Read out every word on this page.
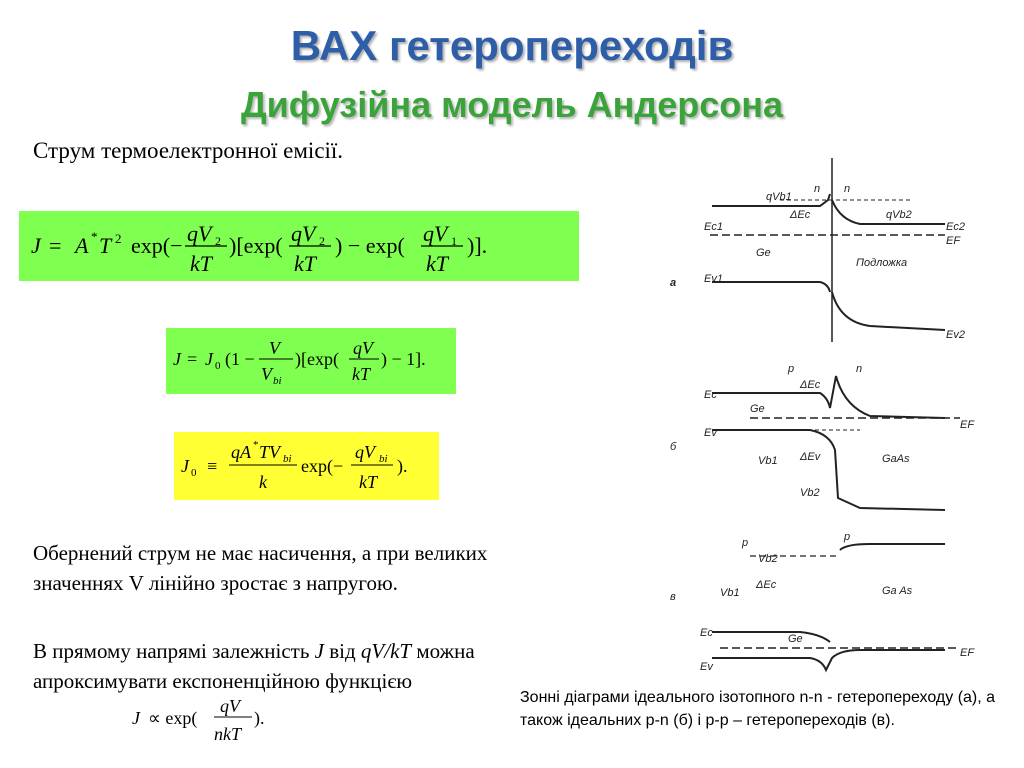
ВАХ гетеропереходів
Дифузійна модель Андерсона
Струм термоелектронної емісії.
J = A * T 2 exp(− qV 2
kT
)[exp( qV 2
kT
) − exp( qV 1
kT
)].
J = J 0 (1 −
V
V bi
)[exp(
qV
kT
) − 1].
J 0 ≡
qA * TV bi
k
exp(−
qV bi
kT
).
Обернений струм не має насичення, а при великих значеннях V лінійно зростає з напругою.
В прямому напрямі залежність J від qV/kT можна апроксимувати експоненційною функцією
J ∝ exp(
qV
nkT
).
a
б
в
n n
qVb1
ΔEc	qVb2
Ec1	Ec2
EF
Ge
Подложка
Ev1
Ev2
p	n
ΔEc
Ec
Ge
EF
Ev
Vb1 ΔEv	GaAs
Vb2
p	p
Vb2
ΔEc	Ga As
Vb1
Ec	Ge
EF
Ev
Зонні діаграми ідеального ізотопного n-n - гетеропереходу (а), а також ідеальних p-n (б) і p-p – гетеропереходів (в).
